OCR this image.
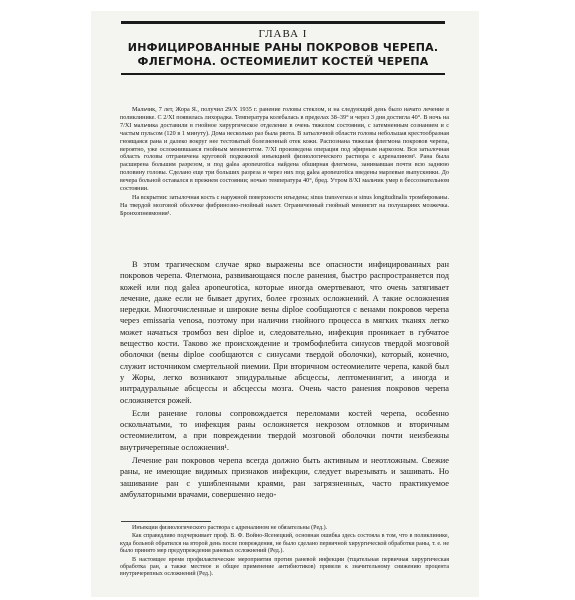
ГЛАВА I
ИНФИЦИРОВАННЫЕ РАНЫ ПОКРОВОВ ЧЕРЕПА.
ФЛЕГМОНА. ОСТЕОМИЕЛИТ КОСТЕЙ ЧЕРЕПА

Мальчик, 7 лет, Жора Я., получил 29/X 1935 г. ранение головы стеклом, и на следующий день было начато лечение в поликлинике. С 2/XI появилась лихорадка. Температура колебалась в пределах 38–39° и через 3 дня достигла 40°. В ночь на 7/XI мальчика доставили в гнойное хирургическое отделение в очень тяжелом состоянии, с затемненным сознанием и с частым пульсом (120 в 1 минуту). Дома несколько раз была рвота. В затылочной области головы небольшая крестообразная гноящаяся рана и далеко вокруг нее тестоватый болезненный отек кожи. Распознана тяжелая флегмона покровов черепа, вероятно, уже осложнившаяся гнойным менингитом. 7/XI произведена операция под эфирным наркозом. Вся затылочная область головы отграничена круговой подкожной инъекцией физиологического раствора с адреналином¹. Рана была расширена большим разрезом, и под galea aponeurotica найдена обширная флегмона, занимавшая почти всю заднюю половину головы. Сделано еще три больших разреза и через них под galea aponeurotica введены марлевые выпускники. До вечера больной оставался в прежнем состоянии; ночью температура 40°, бред. Утром 8/XI мальчик умер в бессознательном состоянии.

На вскрытии: затылочная кость с наружной поверхности изъедена; sinus transversus и sinus longitudinalis тромбированы. На твердой мозговой оболочке фибринозно-гнойный налет. Ограниченный гнойный менингит на полушариях мозжечка. Бронхопневмония¹.

В этом трагическом случае ярко выражены все опасности инфицированных ран покровов черепа. Флегмона, развивающаяся после ранения, быстро распространяется под кожей или под galea aponeurotica, которые иногда омертвевают, что очень затягивает лечение, даже если не бывает других, более грозных осложнений. А такие осложнения нередки. Многочисленные и широкие вены diploe сообщаются с венами покровов черепа через emissaria venosa, поэтому при наличии гнойного процесса в мягких тканях легко может начаться тромбоз вен diploe и, следовательно, инфекция проникает в губчатое вещество кости. Таково же происхождение и тромбофлебита синусов твердой мозговой оболочки (вены diploe сообщаются с синусами твердой оболочки), который, конечно, служит источником смертельной пиемии. При вторичном остеомиелите черепа, какой был у Жоры, легко возникают эпидуральные абсцессы, лептоменингит, а иногда и интрадуральные абсцессы и абсцессы мозга. Очень часто ранения покровов черепа осложняется рожей.

Если ранение головы сопровождается переломами костей черепа, особенно оскольчатыми, то инфекция раны осложняется некрозом отломков и вторичным остеомиелитом, а при повреждении твердой мозговой оболочки почти неизбежны внутричерепные осложнения¹.

Лечение ран покровов черепа всегда должно быть активным и неотложным. Свежие раны, не имеющие видимых признаков инфекции, следует вырезывать и зашивать. Но зашивание ран с ушибленными краями, ран загрязненных, часто практикуемое амбулаторными врачами, совершенно недо-

Инъекции физиологического раствора с адреналином не обязательны (Ред.).

Как справедливо подчеркивает проф. В. Ф. Войно-Ясенецкий, основная ошибка здесь состояла в том, что в поликлинике, куда больной обратился на второй день после повреждения, не было сделано первичной хирургической обработки раны, т. е. не было принято мер предупреждения раневых осложнений (Ред.).

В настоящее время профилактические мероприятия против раневой инфекции (тщательная первичная хирургическая обработка ран, а также местное и общее применение антибиотиков) привели к значительному снижению процента внутричерепных осложнений (Ред.).
